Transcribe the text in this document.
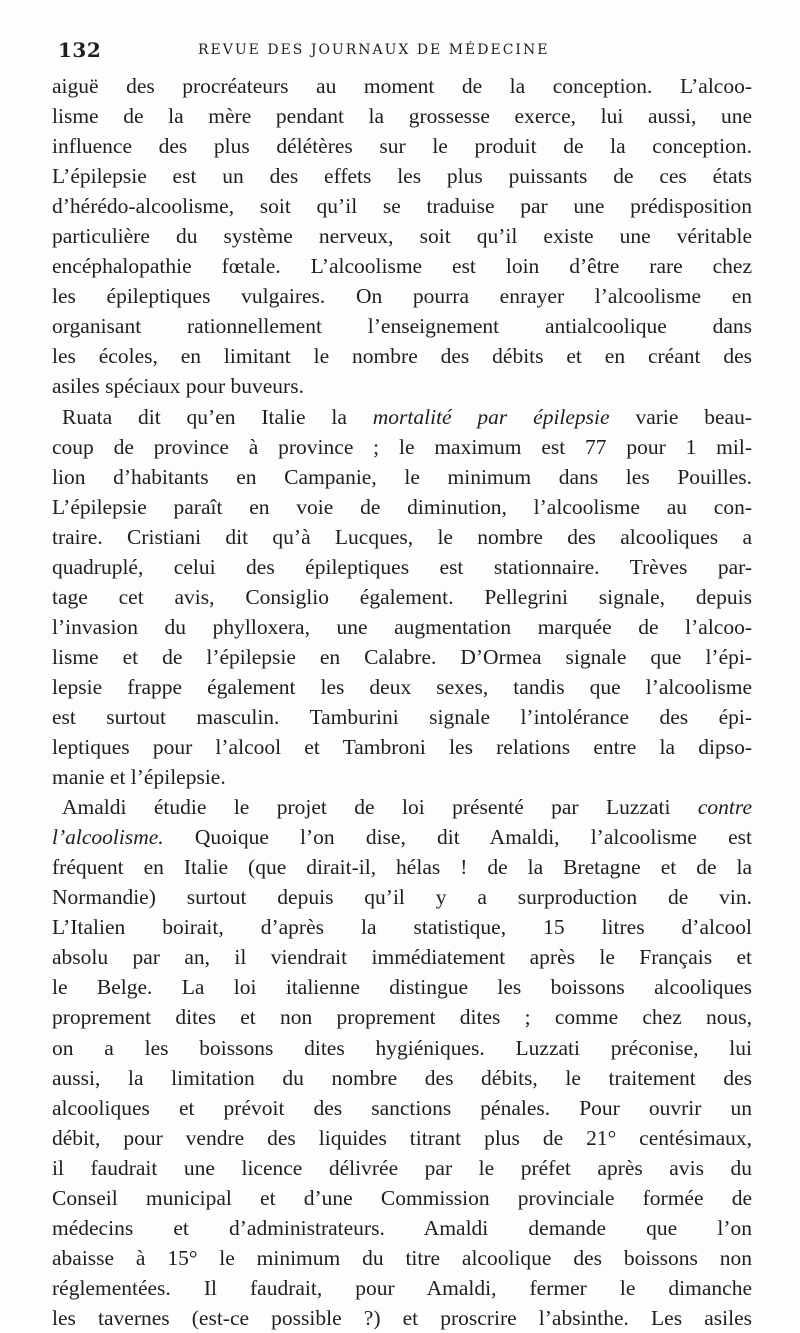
132	REVUE DES JOURNAUX DE MÉDECINE
aiguë des procréateurs au moment de la conception. L’alcoo-
lisme de la mère pendant la grossesse exerce, lui aussi, une
influence des plus délétères sur le produit de la conception.
L’épilepsie est un des effets les plus puissants de ces états
d’hérédo-alcoolisme, soit qu’il se traduise par une prédisposition
particulière du système nerveux, soit qu’il existe une véritable
encéphalopathie fœtale. L’alcoolisme est loin d’être rare chez
les épileptiques vulgaires. On pourra enrayer l’alcoolisme en
organisant rationnellement l’enseignement antialcoolique dans
les écoles, en limitant le nombre des débits et en créant des
asiles spéciaux pour buveurs.
Ruata dit qu’en Italie la mortalité par épilepsie varie beau-
coup de province à province ; le maximum est 77 pour 1 mil-
lion d’habitants en Campanie, le minimum dans les Pouilles.
L’épilepsie paraît en voie de diminution, l’alcoolisme au con-
traire. Cristiani dit qu’à Lucques, le nombre des alcooliques a
quadruplé, celui des épileptiques est stationnaire. Trèves par-
tage cet avis, Consiglio également. Pellegrini signale, depuis
l’invasion du phylloxera, une augmentation marquée de l’alcoo-
lisme et de l’épilepsie en Calabre. D’Ormea signale que l’épi-
lepsie frappe également les deux sexes, tandis que l’alcoolisme
est surtout masculin. Tamburini signale l’intolérance des épi-
leptiques pour l’alcool et Tambroni les relations entre la dipso-
manie et l’épilepsie.
Amaldi étudie le projet de loi présenté par Luzzati contre
l’alcoolisme. Quoique l’on dise, dit Amaldi, l’alcoolisme est
fréquent en Italie (que dirait-il, hélas ! de la Bretagne et de la
Normandie) surtout depuis qu’il y a surproduction de vin.
L’Italien boirait, d’après la statistique, 15 litres d’alcool
absolu par an, il viendrait immédiatement après le Français et
le Belge. La loi italienne distingue les boissons alcooliques
proprement dites et non proprement dites ; comme chez nous,
on a les boissons dites hygiéniques. Luzzati préconise, lui
aussi, la limitation du nombre des débits, le traitement des
alcooliques et prévoit des sanctions pénales. Pour ouvrir un
débit, pour vendre des liquides titrant plus de 21° centésimaux,
il faudrait une licence délivrée par le préfet après avis du
Conseil municipal et d’une Commission provinciale formée de
médecins et d’administrateurs. Amaldi demande que l’on
abaisse à 15° le minimum du titre alcoolique des boissons non
réglementées. Il faudrait, pour Amaldi, fermer le dimanche
les tavernes (est-ce possible ?) et proscrire l’absinthe. Les asiles
